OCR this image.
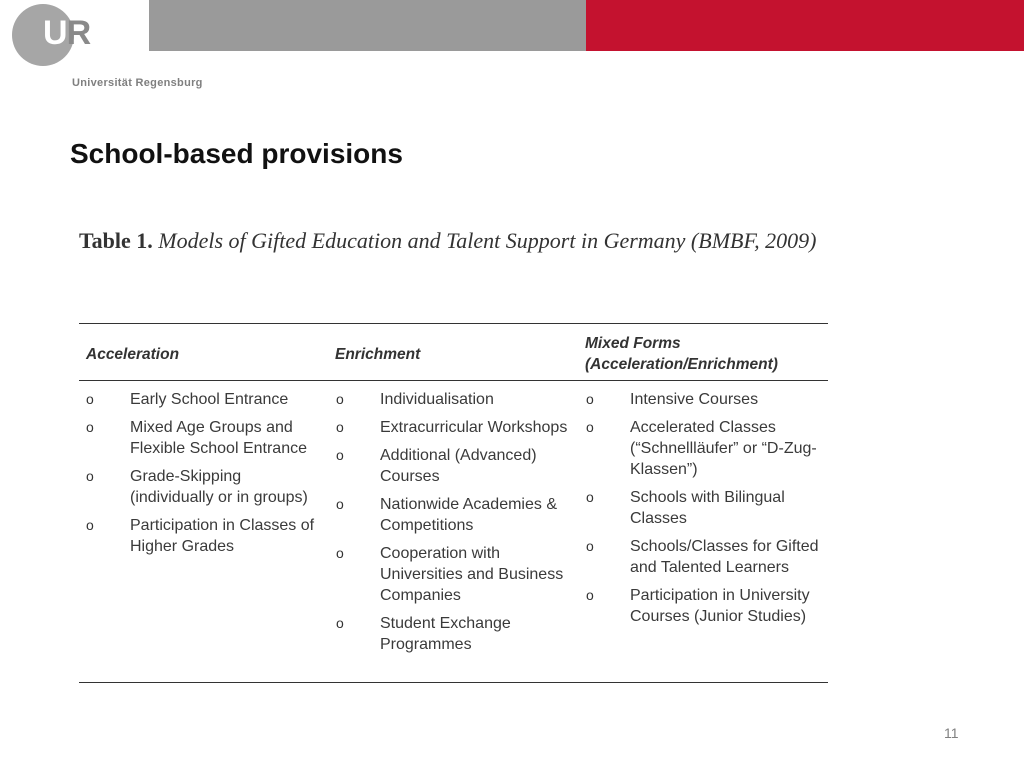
UR
Universität Regensburg
School-based provisions
Table 1. Models of Gifted Education and Talent Support in Germany (BMBF, 2009)
Acceleration	Enrichment
Mixed Forms
(Acceleration/Enrichment)
o Early School Entrance
o Mixed Age Groups and Flexible School Entrance
o Grade-Skipping (individually or in groups)
o Participation in Classes of Higher Grades
o Individualisation
o Extracurricular Workshops
o Additional (Advanced) Courses
o Nationwide Academies & Competitions
o Cooperation with Universities and Business Companies
o Student Exchange Programmes
o Intensive Courses
o Accelerated Classes (“Schnellläufer” or “D-Zug-Klassen”)
o Schools with Bilingual Classes
o Schools/Classes for Gifted and Talented Learners
o Participation in University Courses (Junior Studies)
11
